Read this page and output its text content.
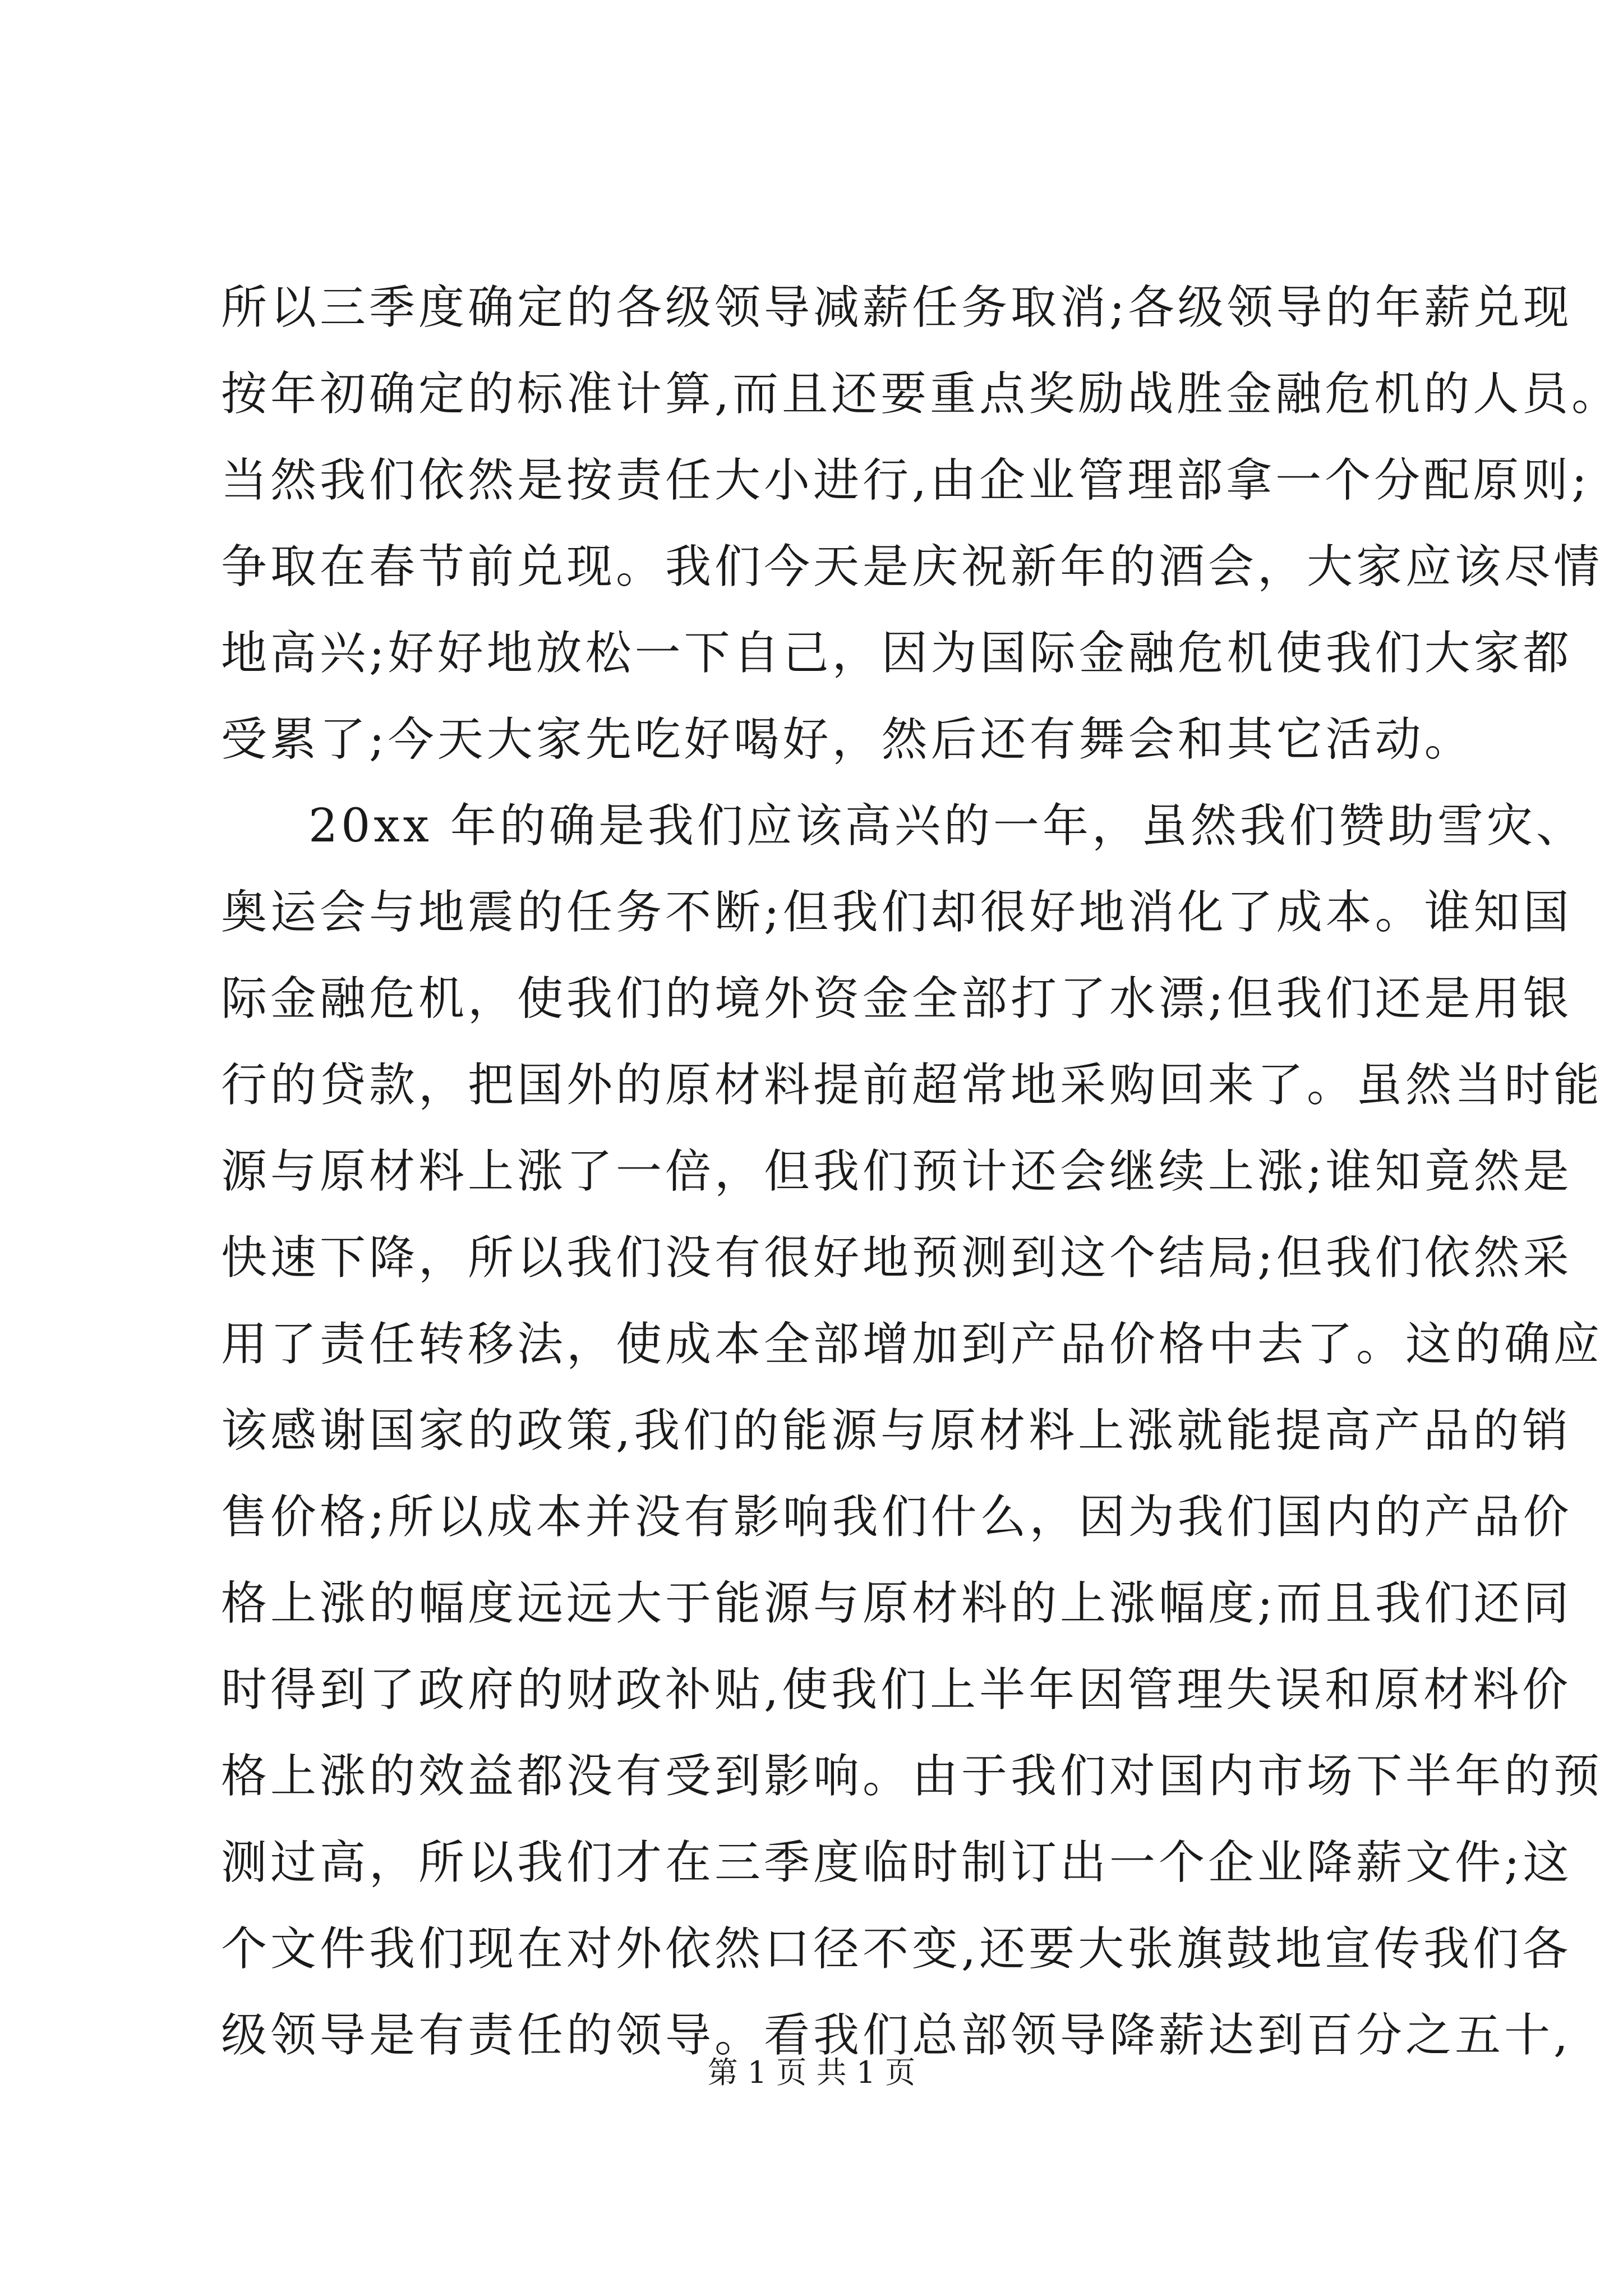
所以三季度确定的各级领导减薪任务取消;各级领导的年薪兑现
按年初确定的标准计算,而且还要重点奖励战胜金融危机的人员。
当然我们依然是按责任大小进行,由企业管理部拿一个分配原则;
争取在春节前兑现。我们今天是庆祝新年的酒会，大家应该尽情
地高兴;好好地放松一下自己，因为国际金融危机使我们大家都
受累了;今天大家先吃好喝好，然后还有舞会和其它活动。
20xx 年的确是我们应该高兴的一年，虽然我们赞助雪灾、
奥运会与地震的任务不断;但我们却很好地消化了成本。谁知国
际金融危机，使我们的境外资金全部打了水漂;但我们还是用银
行的贷款，把国外的原材料提前超常地采购回来了。虽然当时能
源与原材料上涨了一倍，但我们预计还会继续上涨;谁知竟然是
快速下降，所以我们没有很好地预测到这个结局;但我们依然采
用了责任转移法，使成本全部增加到产品价格中去了。这的确应
该感谢国家的政策,我们的能源与原材料上涨就能提高产品的销
售价格;所以成本并没有影响我们什么，因为我们国内的产品价
格上涨的幅度远远大于能源与原材料的上涨幅度;而且我们还同
时得到了政府的财政补贴,使我们上半年因管理失误和原材料价
格上涨的效益都没有受到影响。由于我们对国内市场下半年的预
测过高，所以我们才在三季度临时制订出一个企业降薪文件;这
个文件我们现在对外依然口径不变,还要大张旗鼓地宣传我们各
级领导是有责任的领导。看我们总部领导降薪达到百分之五十,
第 1 页 共 1 页
